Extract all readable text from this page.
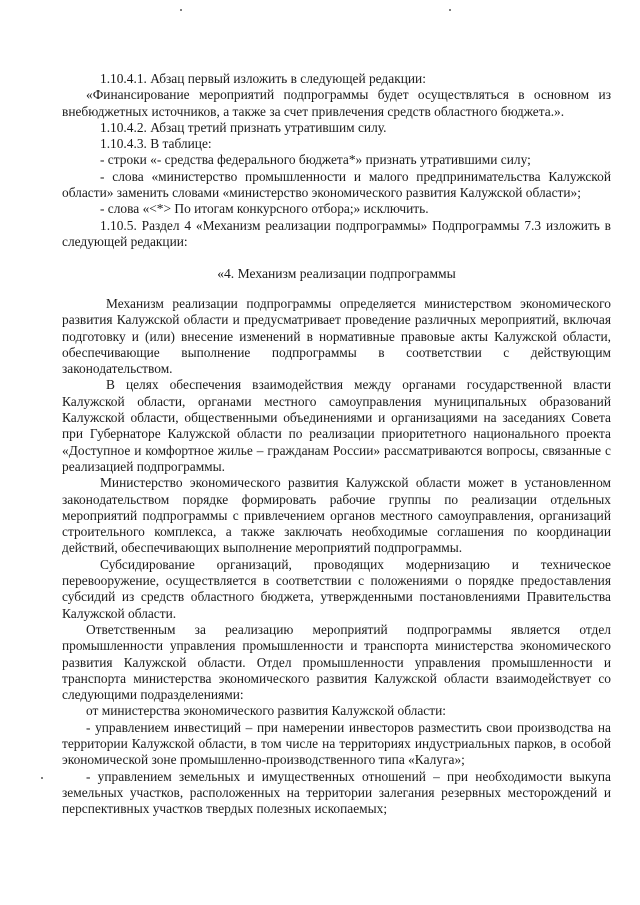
1.10.4.1. Абзац первый изложить в следующей редакции:

«Финансирование мероприятий подпрограммы будет осуществляться в основном из внебюджетных источников, а также за счет привлечения средств областного бюджета.».

1.10.4.2. Абзац третий признать утратившим силу.

1.10.4.3. В таблице:

- строки «- средства федерального бюджета*» признать утратившими силу;

- слова «министерство промышленности и малого предпринимательства Калужской области» заменить словами «министерство экономического развития Калужской области»;

- слова «<*> По итогам конкурсного отбора;» исключить.

1.10.5. Раздел 4 «Механизм реализации подпрограммы» Подпрограммы 7.3 изложить в следующей редакции:

«4. Механизм реализации подпрограммы

Механизм реализации подпрограммы определяется министерством экономического развития Калужской области и предусматривает проведение различных мероприятий, включая подготовку и (или) внесение изменений в нормативные правовые акты Калужской области, обеспечивающие выполнение подпрограммы в соответствии с действующим законодательством.

В целях обеспечения взаимодействия между органами государственной власти Калужской области, органами местного самоуправления муниципальных образований Калужской области, общественными объединениями и организациями на заседаниях Совета при Губернаторе Калужской области по реализации приоритетного национального проекта «Доступное и комфортное жилье – гражданам России» рассматриваются вопросы, связанные с реализацией подпрограммы.

Министерство экономического развития Калужской области может в установленном законодательством порядке формировать рабочие группы по реализации отдельных мероприятий подпрограммы с привлечением органов местного самоуправления, организаций строительного комплекса, а также заключать необходимые соглашения по координации действий, обеспечивающих выполнение мероприятий подпрограммы.

Субсидирование организаций, проводящих модернизацию и техническое перевооружение, осуществляется в соответствии с положениями о порядке предоставления субсидий из средств областного бюджета, утвержденными постановлениями Правительства Калужской области.

Ответственным за реализацию мероприятий подпрограммы является отдел промышленности управления промышленности и транспорта министерства экономического развития Калужской области. Отдел промышленности управления промышленности и транспорта министерства экономического развития Калужской области взаимодействует со следующими подразделениями:

от министерства экономического развития Калужской области:

- управлением инвестиций – при намерении инвесторов разместить свои производства на территории Калужской области, в том числе на территориях индустриальных парков, в особой экономической зоне промышленно-производственного типа «Калуга»;

- управлением земельных и имущественных отношений – при необходимости выкупа земельных участков, расположенных на территории залегания резервных месторождений и перспективных участков твердых полезных ископаемых;
